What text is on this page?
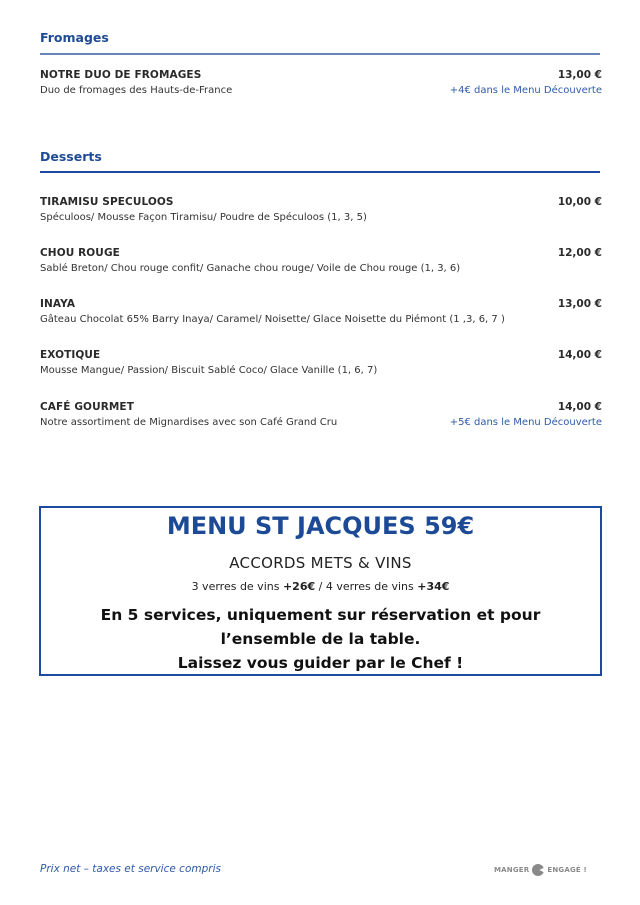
Fromages
NOTRE DUO DE FROMAGES	13,00 €
Duo de fromages des Hauts-de-France	+4€ dans le Menu Découverte
Desserts
TIRAMISU SPECULOOS	10,00 €
Spéculoos/ Mousse Façon Tiramisu/ Poudre de Spéculoos (1, 3, 5)
CHOU ROUGE	12,00 €
Sablé Breton/ Chou rouge confit/ Ganache chou rouge/ Voile de Chou rouge (1, 3, 6)
INAYA	13,00 €
Gâteau Chocolat 65% Barry Inaya/ Caramel/ Noisette/ Glace Noisette du Piémont (1 ,3, 6, 7 )
EXOTIQUE	14,00 €
Mousse Mangue/ Passion/ Biscuit Sablé Coco/ Glace Vanille (1, 6, 7)
CAFÉ GOURMET	14,00 €
Notre assortiment de Mignardises avec son Café Grand Cru	+5€ dans le Menu Découverte
MENU ST JACQUES 59€
ACCORDS METS & VINS
3 verres de vins +26€ / 4 verres de vins +34€
En 5 services, uniquement sur réservation et pour
l’ensemble de la table.
Laissez vous guider par le Chef !
Prix net – taxes et service compris	MANGER	ENGAGÉ !
